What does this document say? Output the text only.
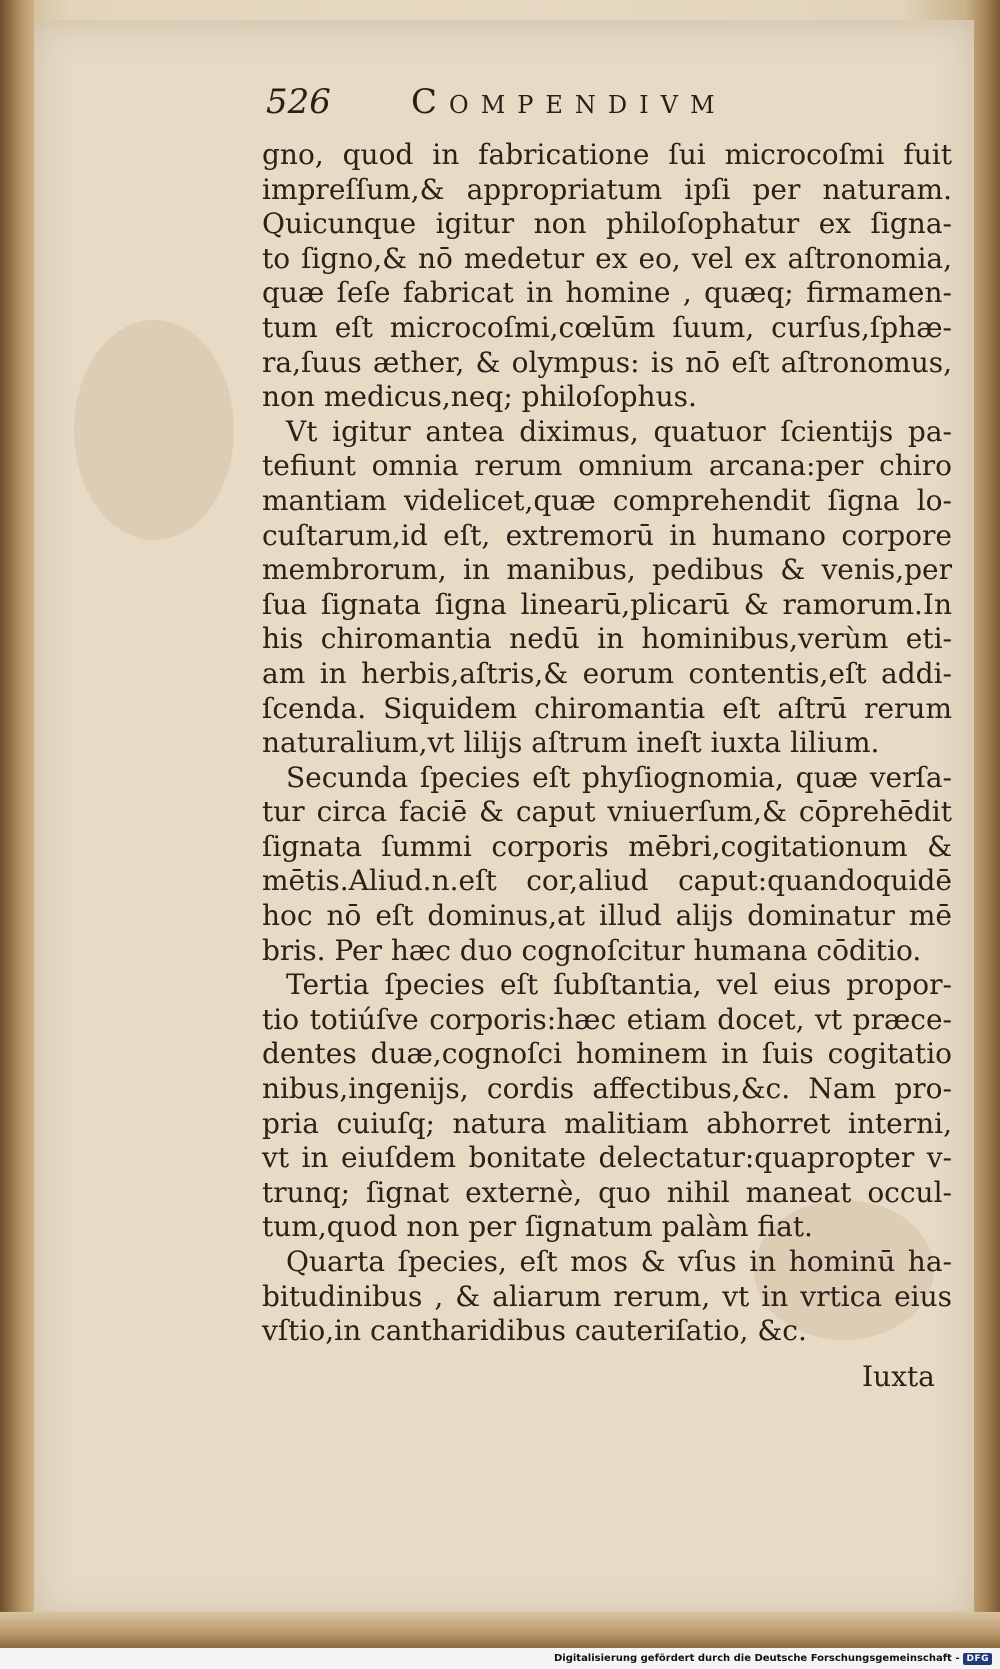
526 Compendivm
gno, quod in fabricatione ſui microcoſmi fuit
impreſſum,& appropriatum ipſi per naturam.
Quicunque igitur non philoſophatur ex ſigna-
to ſigno,& nō medetur ex eo, vel ex aſtronomia,
quæ ſeſe fabricat in homine , quæq; firmamen-
tum eſt microcoſmi,cœlūm ſuum, curſus,ſphæ-
ra,ſuus æther, & olympus: is nō eſt aſtronomus,
non medicus,neq; philoſophus.
Vt igitur antea diximus, quatuor ſcientijs pa-
tefiunt omnia rerum omnium arcana:per chiro
mantiam videlicet,quæ comprehendit ſigna lo-
cuſtarum,id eſt, extremorū in humano corpore
membrorum, in manibus, pedibus & venis,per
ſua ſignata ſigna linearū,plicarū & ramorum.In
his chiromantia nedū in hominibus,verùm eti-
am in herbis,aſtris,& eorum contentis,eſt addi-
ſcenda. Siquidem chiromantia eſt aſtrū rerum
naturalium,vt lilijs aſtrum ineſt iuxta lilium.
Secunda ſpecies eſt phyſiognomia, quæ verſa-
tur circa faciē & caput vniuerſum,& cōprehēdit
ſignata ſummi corporis mēbri,cogitationum &
mētis.Aliud.n.eſt cor,aliud caput:quandoquidē
hoc nō eſt dominus,at illud alijs dominatur mē
bris. Per hæc duo cognoſcitur humana cōditio.
Tertia ſpecies eſt ſubſtantia, vel eius propor-
tio totiúſve corporis:hæc etiam docet, vt præce-
dentes duæ,cognoſci hominem in ſuis cogitatio
nibus,ingenijs, cordis affectibus,&c. Nam pro-
pria cuiuſq; natura malitiam abhorret interni,
vt in eiuſdem bonitate delectatur:quapropter v-
trunq; ſignat externè, quo nihil maneat occul-
tum,quod non per ſignatum palàm fiat.
Quarta ſpecies, eſt mos & vſus in hominū ha-
bitudinibus , & aliarum rerum, vt in vrtica eius
vſtio,in cantharidibus cauteriſatio, &c.
Iuxta
Digitalisierung gefördert durch die Deutsche Forschungsgemeinschaft - DFG
